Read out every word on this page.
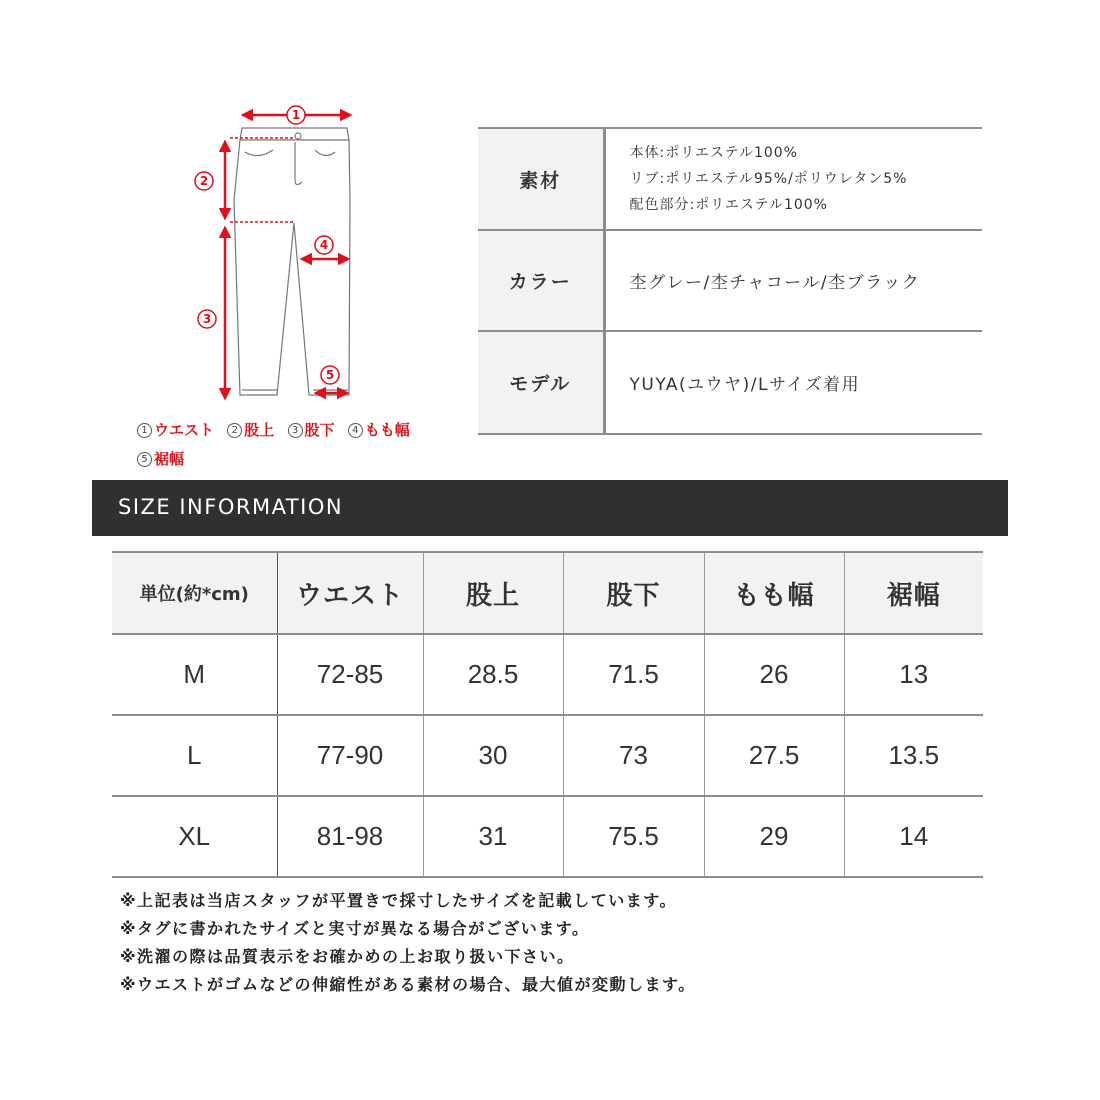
1
2
3
4
5
1 ウエスト 2 股上 3 股下 4 もも幅
5 裾幅
素材	本体:ポリエステル100%
リブ:ポリエステル95%/ポリウレタン5%
配色部分:ポリエステル100%

カラー	杢グレー/杢チャコール/杢ブラック
モデル	YUYA(ユウヤ)/Lサイズ着用
SIZE INFORMATION
単位(約*cm)	ウエスト	股上	股下	もも幅	裾幅
M	72-85	28.5	71.5	26	13
L	77-90	30	73	27.5	13.5
XL	81-98	31	75.5	29	14
※上記表は当店スタッフが平置きで採寸したサイズを記載しています。
※タグに書かれたサイズと実寸が異なる場合がございます。
※洗濯の際は品質表示をお確かめの上お取り扱い下さい。
※ウエストがゴムなどの伸縮性がある素材の場合、最大値が変動します。
